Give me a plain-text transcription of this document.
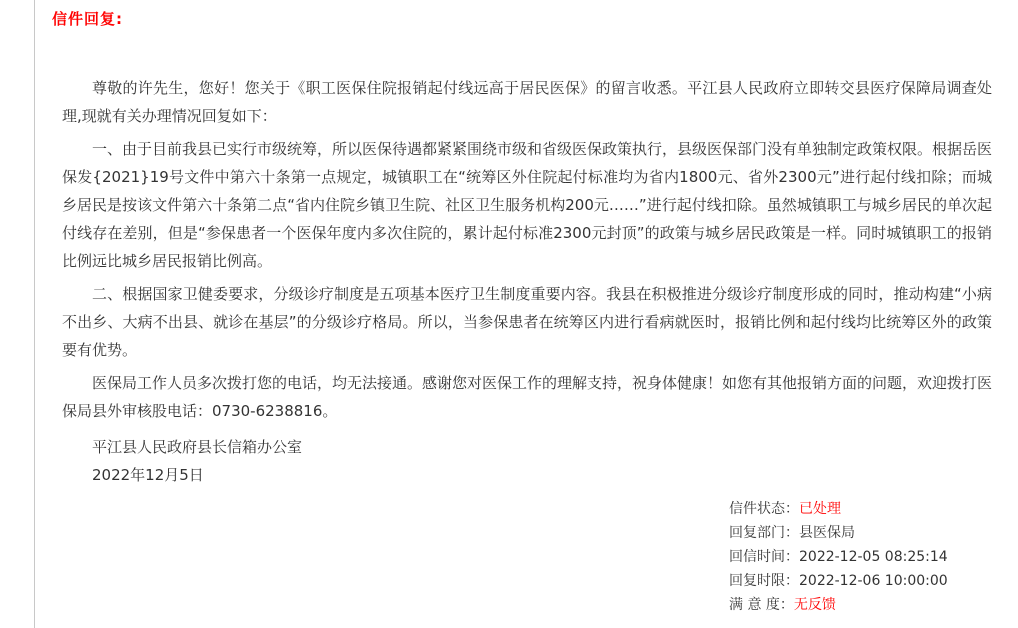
信件回复:

尊敬的许先生，您好！您关于《职工医保住院报销起付线远高于居民医保》的留言收悉。平江县人民政府立即转交县医疗保障局调查处理,现就有关办理情况回复如下：

一、由于目前我县已实行市级统筹，所以医保待遇都紧紧围绕市级和省级医保政策执行，县级医保部门没有单独制定政策权限。根据岳医保发{2021}19号文件中第六十条第一点规定，城镇职工在“统筹区外住院起付标准均为省内1800元、省外2300元”进行起付线扣除；而城乡居民是按该文件第六十条第二点“省内住院乡镇卫生院、社区卫生服务机构200元……”进行起付线扣除。虽然城镇职工与城乡居民的单次起付线存在差别，但是“参保患者一个医保年度内多次住院的，累计起付标准2300元封顶”的政策与城乡居民政策是一样。同时城镇职工的报销比例远比城乡居民报销比例高。

二、根据国家卫健委要求，分级诊疗制度是五项基本医疗卫生制度重要内容。我县在积极推进分级诊疗制度形成的同时，推动构建“小病不出乡、大病不出县、就诊在基层”的分级诊疗格局。所以，当参保患者在统筹区内进行看病就医时，报销比例和起付线均比统筹区外的政策要有优势。

医保局工作人员多次拨打您的电话，均无法接通。感谢您对医保工作的理解支持，祝身体健康！如您有其他报销方面的问题，欢迎拨打医保局县外审核股电话：0730-6238816。

平江县人民政府县长信箱办公室

2022年12月5日

信件状态：已处理
回复部门：县医保局
回信时间：2022-12-05 08:25:14
回复时限：2022-12-06 10:00:00
满 意 度：无反馈
